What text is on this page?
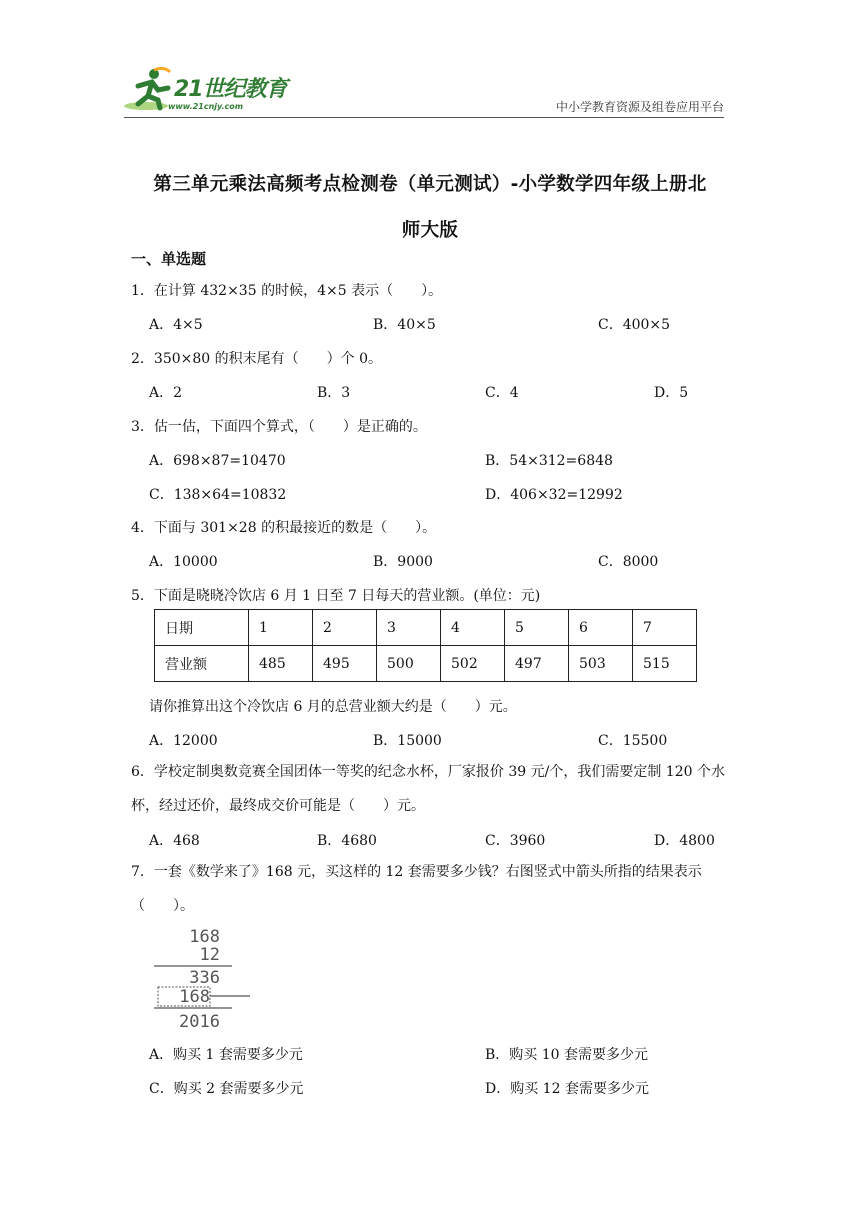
21世纪教育
www.21cnjy.com	中小学教育资源及组卷应用平台
第三单元乘法高频考点检测卷（单元测试）-小学数学四年级上册北
师大版
一、单选题
1．在计算 432×35 的时候，4×5 表示（　　）。
A．4×5	B．40×5	C．400×5
2．350×80 的积末尾有（　　）个 0。
A．2	B．3	C．4	D．5
3．估一估，下面四个算式，（　　）是正确的。
A．698×87=10470	B．54×312=6848
C．138×64=10832	D．406×32=12992
4．下面与 301×28 的积最接近的数是（　　）。
A．10000	B．9000	C．8000
5．下面是晓晓冷饮店 6 月 1 日至 7 日每天的营业额。(单位：元)
日期	1	2	3	4	5	6	7
营业额	485	495	500	502	497	503	515
请你推算出这个冷饮店 6 月的总营业额大约是（　　）元。
A．12000	B．15000	C．15500
6．学校定制奥数竞赛全国团体一等奖的纪念水杯，厂家报价 39 元/个，我们需要定制 120 个水杯，经过还价，最终成交价可能是（　　）元。
A．468	B．4680	C．3960	D．4800
7．一套《数学来了》168 元，买这样的 12 套需要多少钱？右图竖式中箭头所指的结果表示（　　）。
168
12
336
168
2016
A．购买 1 套需要多少元	B．购买 10 套需要多少元
C．购买 2 套需要多少元	D．购买 12 套需要多少元
